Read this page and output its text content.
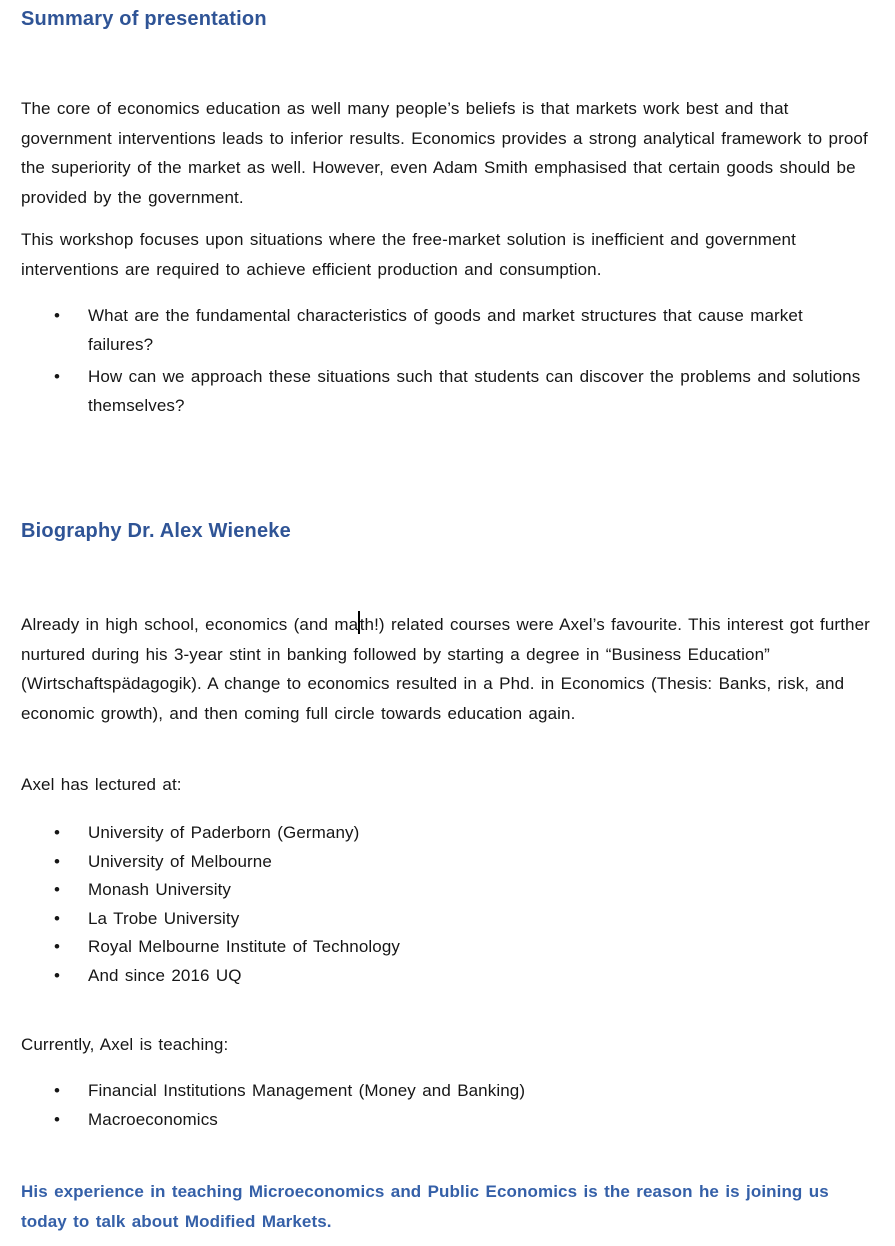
Summary of presentation
The core of economics education as well many people’s beliefs is that markets work best and that government interventions leads to inferior results. Economics provides a strong analytical framework to proof the superiority of the market as well. However, even Adam Smith emphasised that certain goods should be provided by the government.
This workshop focuses upon situations where the free-market solution is inefficient and government interventions are required to achieve efficient production and consumption.
• What are the fundamental characteristics of goods and market structures that cause market failures?
• How can we approach these situations such that students can discover the problems and solutions themselves?
Biography Dr. Alex Wieneke
Already in high school, economics (and math!) related courses were Axel’s favourite. This interest got further nurtured during his 3-year stint in banking followed by starting a degree in “Business Education” (Wirtschaftspädagogik). A change to economics resulted in a Phd. in Economics (Thesis: Banks, risk, and economic growth), and then coming full circle towards education again.
Axel has lectured at:
• University of Paderborn (Germany)
• University of Melbourne
• Monash University
• La Trobe University
• Royal Melbourne Institute of Technology
• And since 2016 UQ
Currently, Axel is teaching:
• Financial Institutions Management (Money and Banking)
• Macroeconomics
His experience in teaching Microeconomics and Public Economics is the reason he is joining us today to talk about Modified Markets.
